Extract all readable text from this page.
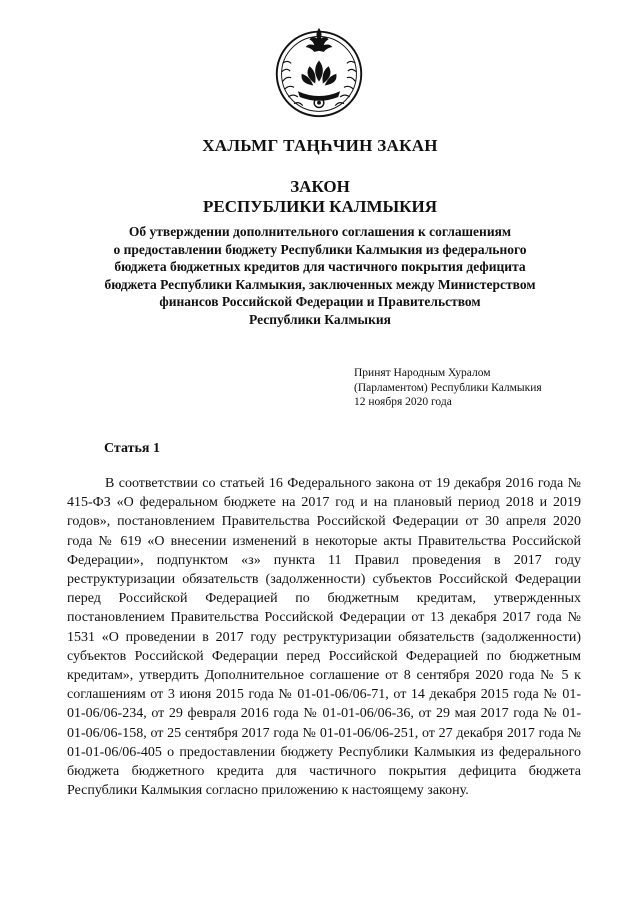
ХАЛЬМГ ТАҢҺЧИН ЗАКАН
ЗАКОН
РЕСПУБЛИКИ КАЛМЫКИЯ
Об утверждении дополнительного соглашения к соглашениям
о предоставлении бюджету Республики Калмыкия из федерального
бюджета бюджетных кредитов для частичного покрытия дефицита
бюджета Республики Калмыкия, заключенных между Министерством
финансов Российской Федерации и Правительством
Республики Калмыкия
Принят Народным Хуралом
(Парламентом) Республики Калмыкия
12 ноября 2020 года
Статья 1

В соответствии со статьей 16 Федерального закона от 19 декабря 2016 года № 415-ФЗ «О федеральном бюджете на 2017 год и на плановый период 2018 и 2019 годов», постановлением Правительства Российской Федерации от 30 апреля 2020 года № 619 «О внесении изменений в некоторые акты Правительства Российской Федерации», подпунктом «з» пункта 11 Правил проведения в 2017 году реструктуризации обязательств (задолженности) субъектов Российской Федерации перед Российской Федерацией по бюджетным кредитам, утвержденных постановлением Правительства Российской Федерации от 13 декабря 2017 года № 1531 «О проведении в 2017 году реструктуризации обязательств (задолженности) субъектов Российской Федерации перед Российской Федерацией по бюджетным кредитам», утвердить Дополнительное соглашение от 8 сентября 2020 года № 5 к соглашениям от 3 июня 2015 года № 01-01-06/06-71, от 14 декабря 2015 года № 01-01-06/06-234, от 29 февраля 2016 года № 01-01-06/06-36, от 29 мая 2017 года № 01-01-06/06-158, от 25 сентября 2017 года № 01-01-06/06-251, от 27 декабря 2017 года № 01-01-06/06-405 о предоставлении бюджету Республики Калмыкия из федерального бюджета бюджетного кредита для частичного покрытия дефицита бюджета Республики Калмыкия согласно приложению к настоящему закону.
